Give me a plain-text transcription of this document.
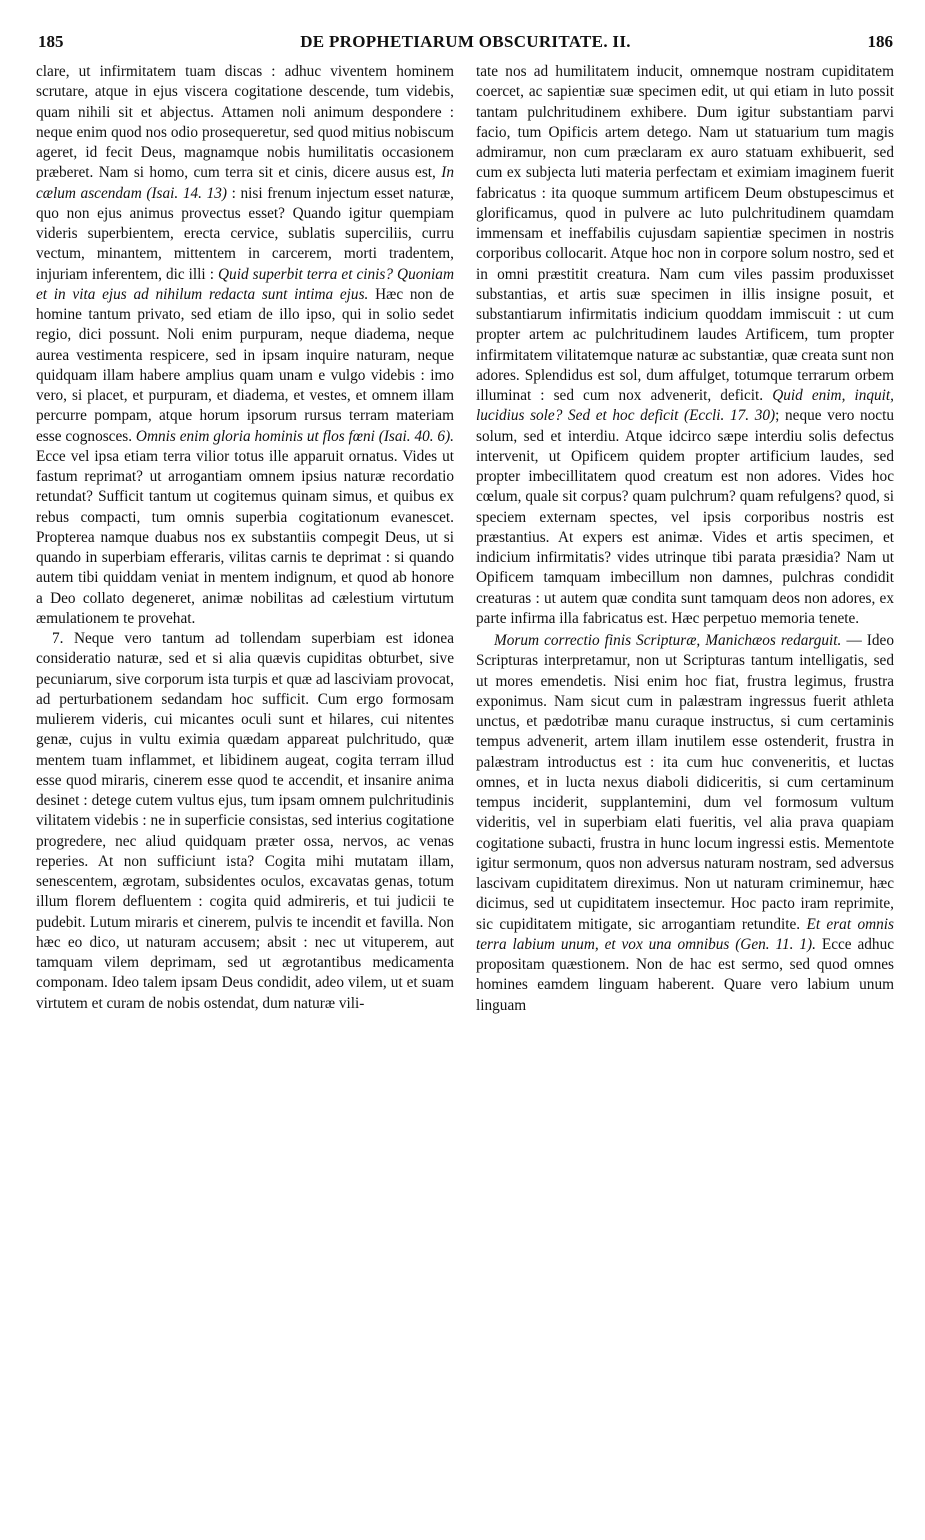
185	DE PROPHETIARUM OBSCURITATE. II.	186

clare, ut infirmitatem tuam discas : adhuc viventem hominem scrutare, atque in ejus viscera cogitatione descende, tum videbis, quam nihili sit et abjectus. Attamen noli animum despondere : neque enim quod nos odio prosequeretur, sed quod mitius nobiscum ageret, id fecit Deus, magnamque nobis humilitatis occasionem præberet. Nam si homo, cum terra sit et cinis, dicere ausus est, In cælum ascendam (Isai. 14. 13) : nisi frenum injectum esset naturæ, quo non ejus animus provectus esset? Quando igitur quempiam videris superbientem, erecta cervice, sublatis superciliis, curru vectum, minantem, mittentem in carcerem, morti tradentem, injuriam inferentem, dic illi : Quid superbit terra et cinis? Quoniam et in vita ejus ad nihilum redacta sunt intima ejus. Hæc non de homine tantum privato, sed etiam de illo ipso, qui in solio sedet regio, dici possunt. Noli enim purpuram, neque diadema, neque aurea vestimenta respicere, sed in ipsam inquire naturam, neque quidquam illam habere amplius quam unam e vulgo videbis : imo vero, si placet, et purpuram, et diadema, et vestes, et omnem illam percurre pompam, atque horum ipsorum rursus terram materiam esse cognosces. Omnis enim gloria hominis ut flos fœni (Isai. 40. 6). Ecce vel ipsa etiam terra vilior totus ille apparuit ornatus. Vides ut fastum reprimat? ut arrogantiam omnem ipsius naturæ recordatio retundat? Sufficit tantum ut cogitemus quinam simus, et quibus ex rebus compacti, tum omnis superbia cogitationum evanescet. Propterea namque duabus nos ex substantiis compegit Deus, ut si quando in superbiam efferaris, vilitas carnis te deprimat : si quando autem tibi quiddam veniat in mentem indignum, et quod ab honore a Deo collato degeneret, animæ nobilitas ad cælestium virtutum æmulationem te provehat.

7. Neque vero tantum ad tollendam superbiam est idonea consideratio naturæ, sed et si alia quævis cupiditas obturbet, sive pecuniarum, sive corporum ista turpis et quæ ad lasciviam provocat, ad perturbationem sedandam hoc sufficit. Cum ergo formosam mulierem videris, cui micantes oculi sunt et hilares, cui nitentes genæ, cujus in vultu eximia quædam appareat pulchritudo, quæ mentem tuam inflammet, et libidinem augeat, cogita terram illud esse quod miraris, cinerem esse quod te accendit, et insanire anima desinet : detege cutem vultus ejus, tum ipsam omnem pulchritudinis vilitatem videbis : ne in superficie consistas, sed interius cogitatione progredere, nec aliud quidquam præter ossa, nervos, ac venas reperies. At non sufficiunt ista? Cogita mihi mutatam illam, senescentem, ægrotam, subsidentes oculos, excavatas genas, totum illum florem defluentem : cogita quid admireris, et tui judicii te pudebit. Lutum miraris et cinerem, pulvis te incendit et favilla. Non hæc eo dico, ut naturam accusem; absit : nec ut vituperem, aut tamquam vilem deprimam, sed ut ægrotantibus medicamenta componam. Ideo talem ipsam Deus condidit, adeo vilem, ut et suam virtutem et curam de nobis ostendat, dum naturæ vili-

tate nos ad humilitatem inducit, omnemque nostram cupiditatem coercet, ac sapientiæ suæ specimen edit, ut qui etiam in luto possit tantam pulchritudinem exhibere. Dum igitur substantiam parvi facio, tum Opificis artem detego. Nam ut statuarium tum magis admiramur, non cum præclaram ex auro statuam exhibuerit, sed cum ex subjecta luti materia perfectam et eximiam imaginem fuerit fabricatus : ita quoque summum artificem Deum obstupescimus et glorificamus, quod in pulvere ac luto pulchritudinem quamdam immensam et ineffabilis cujusdam sapientiæ specimen in nostris corporibus collocarit. Atque hoc non in corpore solum nostro, sed et in omni præstitit creatura. Nam cum viles passim produxisset substantias, et artis suæ specimen in illis insigne posuit, et substantiarum infirmitatis indicium quoddam immiscuit : ut cum propter artem ac pulchritudinem laudes Artificem, tum propter infirmitatem vilitatemque naturæ ac substantiæ, quæ creata sunt non adores. Splendidus est sol, dum affulget, totumque terrarum orbem illuminat : sed cum nox advenerit, deficit. Quid enim, inquit, lucidius sole? Sed et hoc deficit (Eccli. 17. 30); neque vero noctu solum, sed et interdiu. Atque idcirco sæpe interdiu solis defectus intervenit, ut Opificem quidem propter artificium laudes, sed propter imbecillitatem quod creatum est non adores. Vides hoc cœlum, quale sit corpus? quam pulchrum? quam refulgens? quod, si speciem externam spectes, vel ipsis corporibus nostris est præstantius. At expers est animæ. Vides et artis specimen, et indicium infirmitatis? vides utrinque tibi parata præsidia? Nam ut Opificem tamquam imbecillum non damnes, pulchras condidit creaturas : ut autem quæ condita sunt tamquam deos non adores, ex parte infirma illa fabricatus est. Hæc perpetuo memoria tenete.

Morum correctio finis Scripturæ, Manichæos redarguit. — Ideo Scripturas interpretamur, non ut Scripturas tantum intelligatis, sed ut mores emendetis. Nisi enim hoc fiat, frustra legimus, frustra exponimus. Nam sicut cum in palæstram ingressus fuerit athleta unctus, et pædotribæ manu curaque instructus, si cum certaminis tempus advenerit, artem illam inutilem esse ostenderit, frustra in palæstram introductus est : ita cum huc conveneritis, et luctas omnes, et in lucta nexus diaboli didiceritis, si cum certaminum tempus inciderit, supplantemini, dum vel formosum vultum videritis, vel in superbiam elati fueritis, vel alia prava quapiam cogitatione subacti, frustra in hunc locum ingressi estis. Mementote igitur sermonum, quos non adversus naturam nostram, sed adversus lascivam cupiditatem direximus. Non ut naturam criminemur, hæc dicimus, sed ut cupiditatem insectemur. Hoc pacto iram reprimite, sic cupiditatem mitigate, sic arrogantiam retundite. Et erat omnis terra labium unum, et vox una omnibus (Gen. 11. 1). Ecce adhuc propositam quæstionem. Non de hac est sermo, sed quod omnes homines eamdem linguam haberent. Quare vero labium unum linguam
